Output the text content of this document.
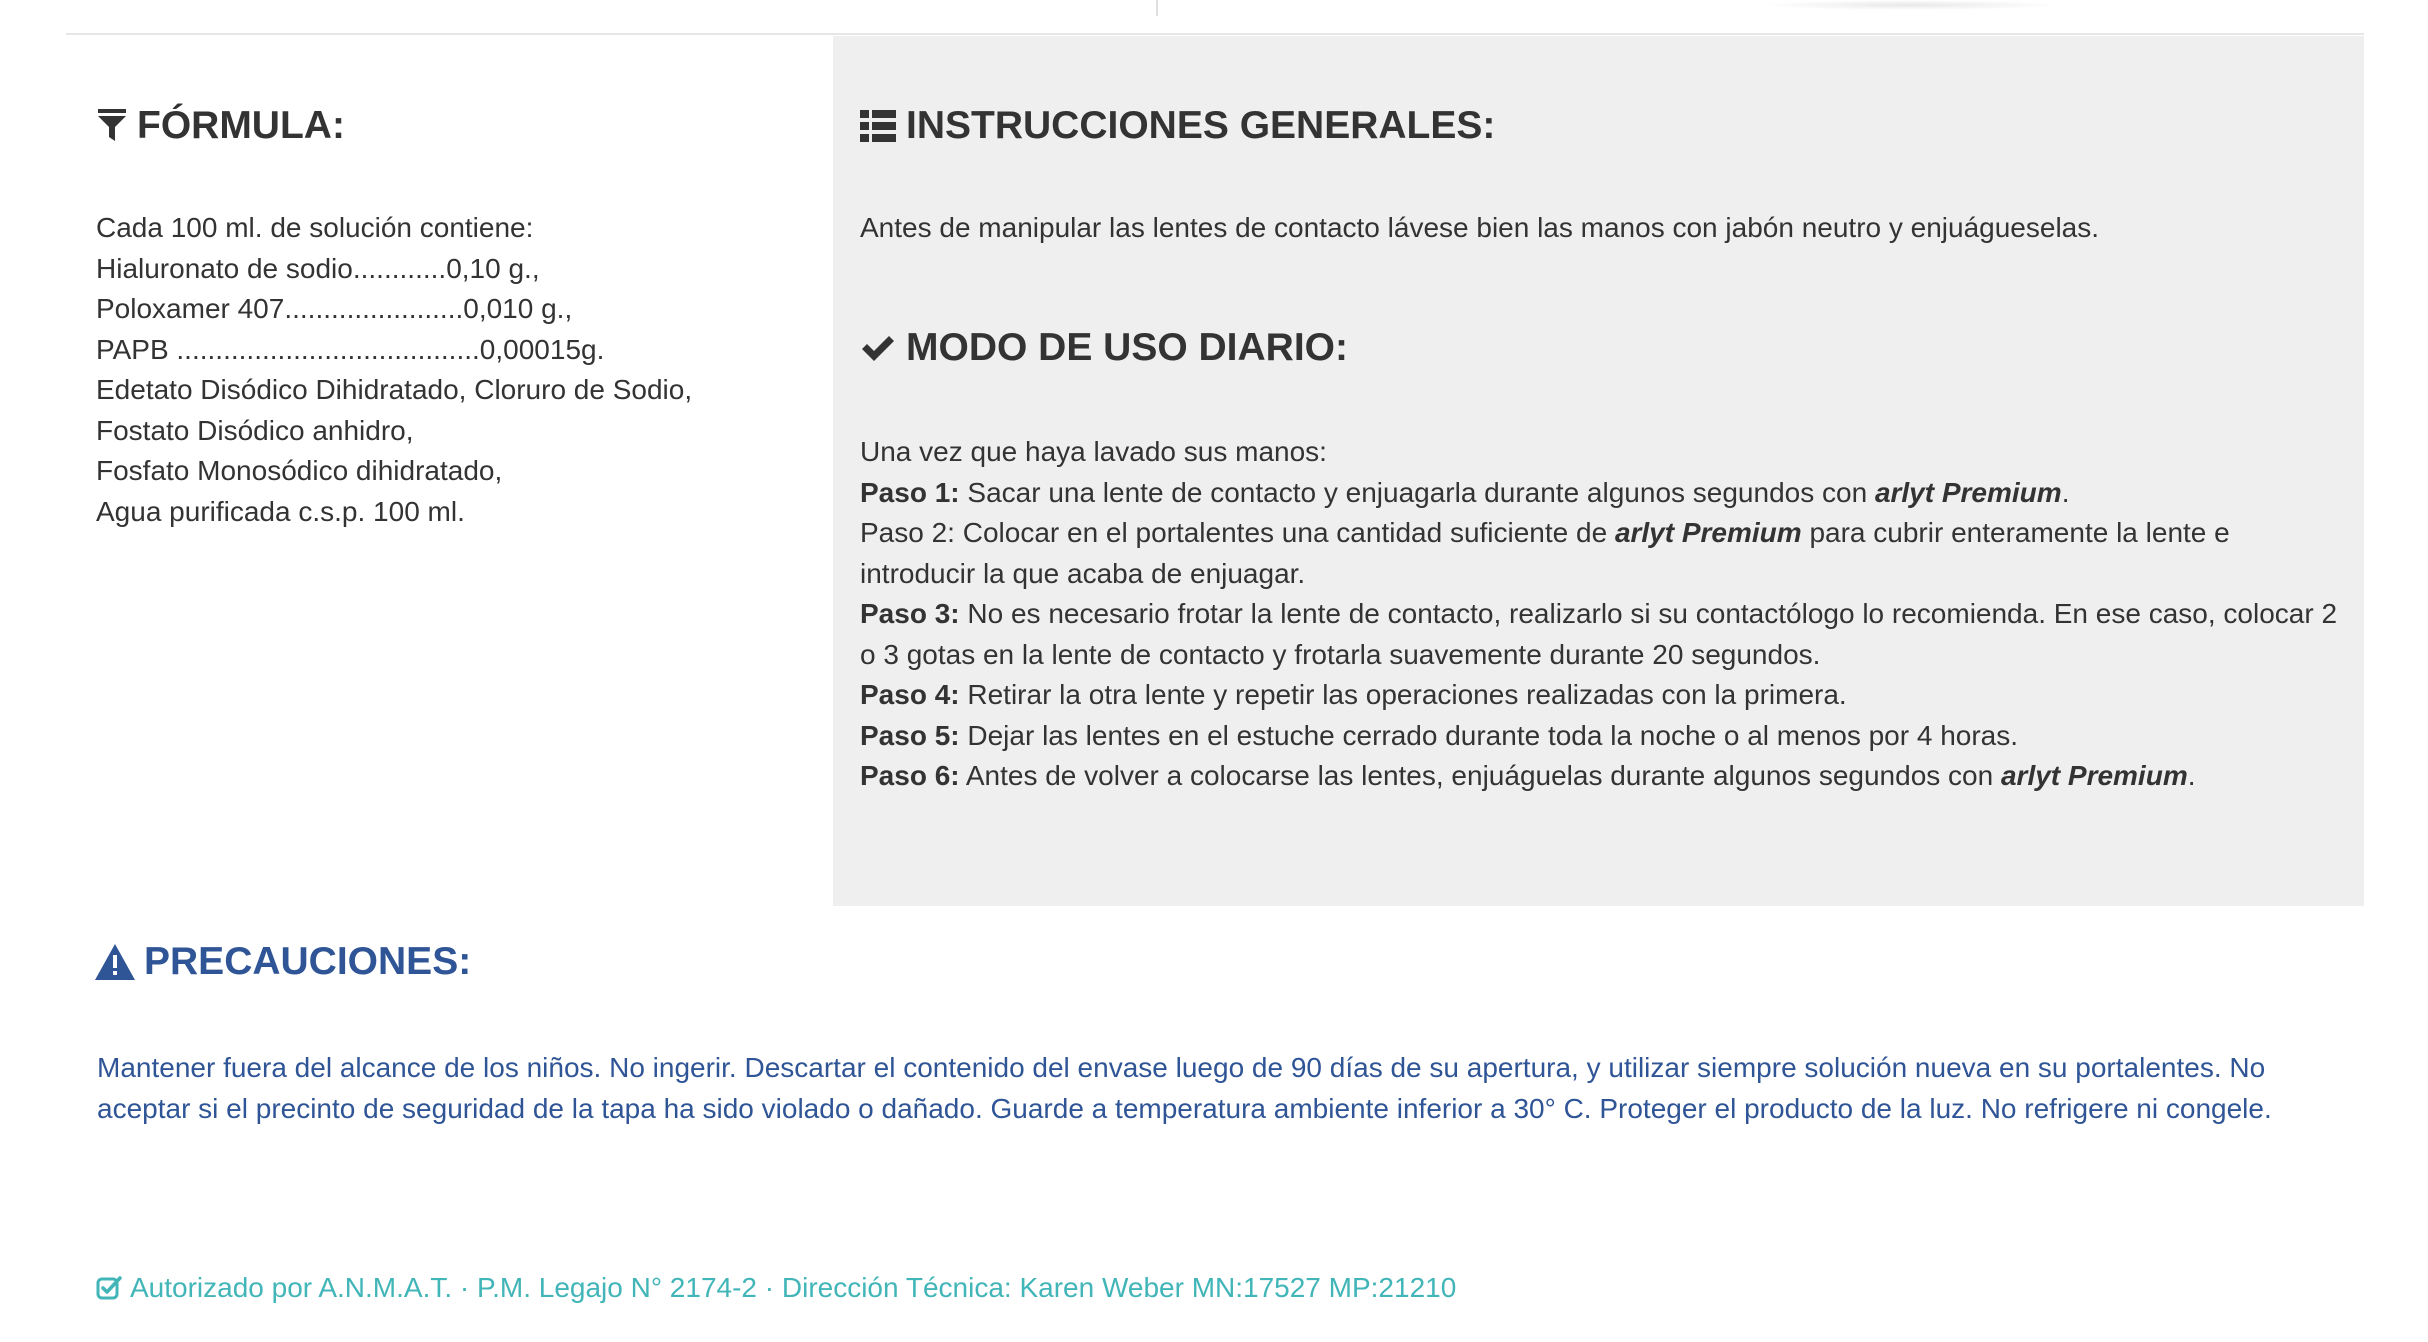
FÓRMULA:

Cada 100 ml. de solución contiene:

Hialuronato de sodio............0,10 g.,

Poloxamer 407.......................0,010 g.,

PAPB .......................................0,00015g.

Edetato Disódico Dihidratado, Cloruro de Sodio,

Fostato Disódico anhidro,

Fosfato Monosódico dihidratado,

Agua purificada c.s.p. 100 ml.

INSTRUCCIONES GENERALES:

Antes de manipular las lentes de contacto lávese bien las manos con jabón neutro y enjuágueselas.

MODO DE USO DIARIO:

Una vez que haya lavado sus manos:

Paso 1: Sacar una lente de contacto y enjuagarla durante algunos segundos con arlyt Premium.

Paso 2: Colocar en el portalentes una cantidad suficiente de arlyt Premium para cubrir enteramente la lente e introducir la que acaba de enjuagar.

Paso 3: No es necesario frotar la lente de contacto, realizarlo si su contactólogo lo recomienda. En ese caso, colocar 2 o 3 gotas en la lente de contacto y frotarla suavemente durante 20 segundos.

Paso 4: Retirar la otra lente y repetir las operaciones realizadas con la primera.

Paso 5: Dejar las lentes en el estuche cerrado durante toda la noche o al menos por 4 horas.

Paso 6: Antes de volver a colocarse las lentes, enjuáguelas durante algunos segundos con arlyt Premium.

PRECAUCIONES:
Mantener fuera del alcance de los niños. No ingerir. Descartar el contenido del envase luego de 90 días de su apertura, y utilizar siempre solución nueva en su portalentes. No aceptar si el precinto de seguridad de la tapa ha sido violado o dañado. Guarde a temperatura ambiente inferior a 30° C. Proteger el producto de la luz. No refrigere ni congele.
Autorizado por A.N.M.A.T. · P.M. Legajo N° 2174-2 · Dirección Técnica: Karen Weber MN:17527 MP:21210
